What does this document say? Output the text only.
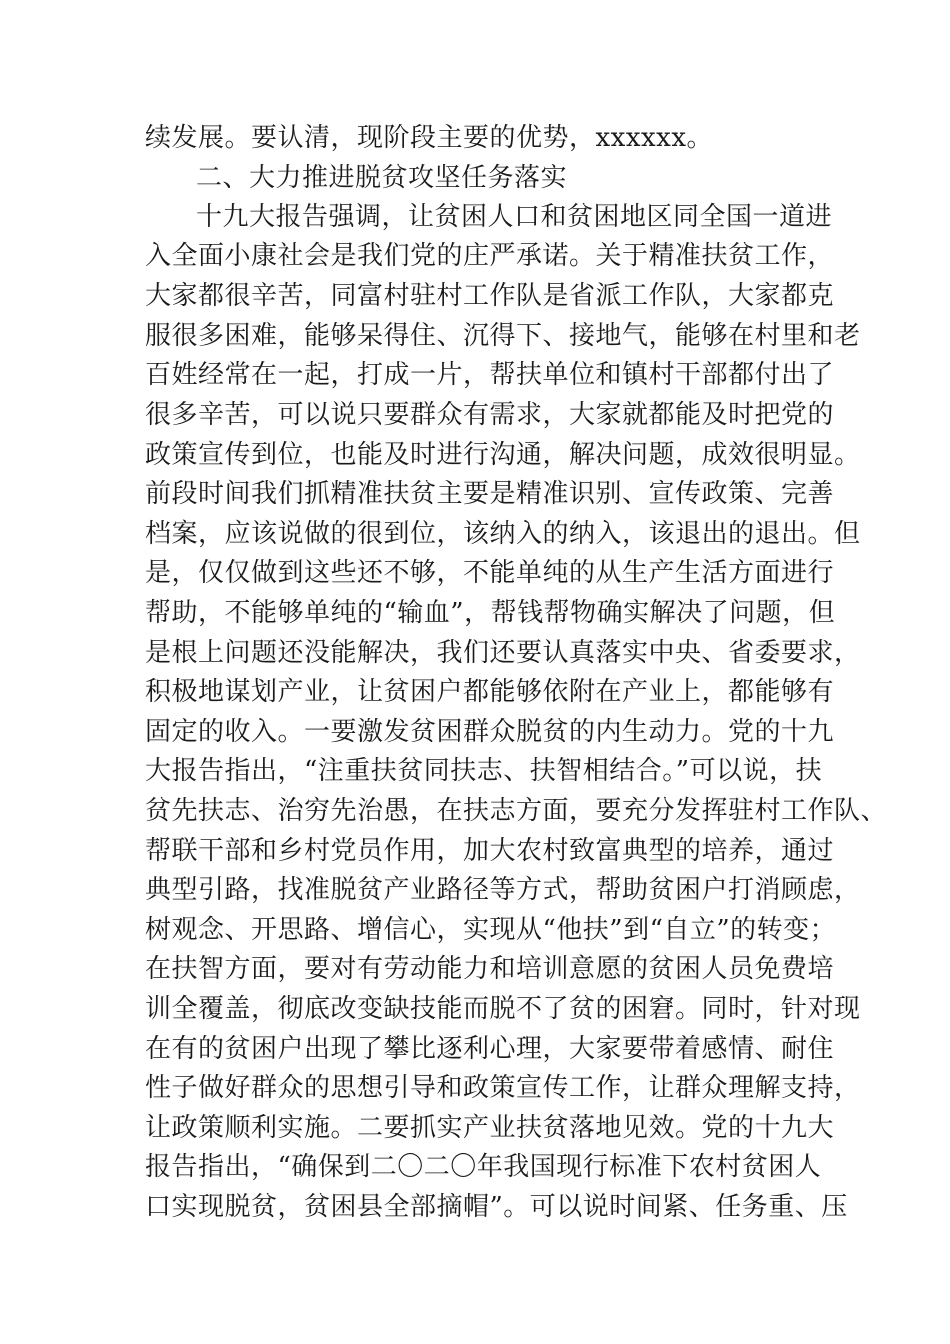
续发展。要认清，现阶段主要的优势，xxxxxx。
二、大力推进脱贫攻坚任务落实
十九大报告强调，让贫困人口和贫困地区同全国一道进
入全面小康社会是我们党的庄严承诺。关于精准扶贫工作，
大家都很辛苦，同富村驻村工作队是省派工作队，大家都克
服很多困难，能够呆得住、沉得下、接地气，能够在村里和老
百姓经常在一起，打成一片，帮扶单位和镇村干部都付出了
很多辛苦，可以说只要群众有需求，大家就都能及时把党的
政策宣传到位，也能及时进行沟通，解决问题，成效很明显。
前段时间我们抓精准扶贫主要是精准识别、宣传政策、完善
档案，应该说做的很到位，该纳入的纳入，该退出的退出。但
是，仅仅做到这些还不够，不能单纯的从生产生活方面进行
帮助，不能够单纯的“输血”，帮钱帮物确实解决了问题，但
是根上问题还没能解决，我们还要认真落实中央、省委要求，
积极地谋划产业，让贫困户都能够依附在产业上，都能够有
固定的收入。一要激发贫困群众脱贫的内生动力。党的十九
大报告指出，“注重扶贫同扶志、扶智相结合。”可以说，扶
贫先扶志、治穷先治愚，在扶志方面，要充分发挥驻村工作队、
帮联干部和乡村党员作用，加大农村致富典型的培养，通过
典型引路，找准脱贫产业路径等方式，帮助贫困户打消顾虑，
树观念、开思路、增信心，实现从“他扶”到“自立”的转变；
在扶智方面，要对有劳动能力和培训意愿的贫困人员免费培
训全覆盖，彻底改变缺技能而脱不了贫的困窘。同时，针对现
在有的贫困户出现了攀比逐利心理，大家要带着感情、耐住
性子做好群众的思想引导和政策宣传工作，让群众理解支持，
让政策顺利实施。二要抓实产业扶贫落地见效。党的十九大
报告指出，“确保到二〇二〇年我国现行标准下农村贫困人
口实现脱贫，贫困县全部摘帽”。可以说时间紧、任务重、压
